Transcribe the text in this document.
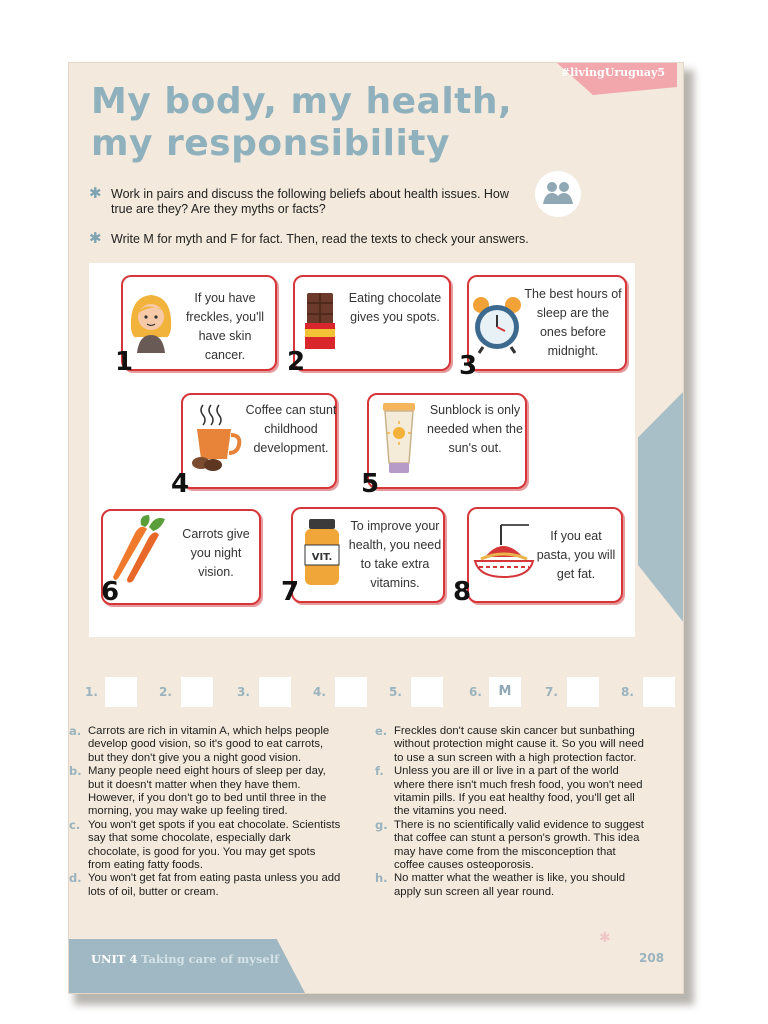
#livingUruguay5
My body, my health,
my responsibility
✱ Work in pairs and discuss the following beliefs about health issues. How true are they? Are they myths or facts?
✱ Write M for myth and F for fact. Then, read the texts to check your answers.
If you have freckles, you'll have skin cancer.
1
Eating chocolate gives you spots.
2
The best hours of sleep are the ones before midnight.
3
Coffee can stunt childhood development.
4
Sunblock is only needed when the sun's out.
5
Carrots give you night vision.
6
VIT.
To improve your health, you need to take extra vitamins.
7
If you eat pasta, you will get fat.
8
1.	2.	3.	4.	5.	6.	M	7.	8.
a. Carrots are rich in vitamin A, which helps people develop good vision, so it's good to eat carrots, but they don't give you a night good vision.
b. Many people need eight hours of sleep per day, but it doesn't matter when they have them. However, if you don't go to bed until three in the morning, you may wake up feeling tired.
c. You won't get spots if you eat chocolate. Scientists say that some chocolate, especially dark chocolate, is good for you. You may get spots from eating fatty foods.
d. You won't get fat from eating pasta unless you add lots of oil, butter or cream.
e. Freckles don't cause skin cancer but sunbathing without protection might cause it. So you will need to use a sun screen with a high protection factor.
f. Unless you are ill or live in a part of the world where there isn't much fresh food, you won't need vitamin pills. If you eat healthy food, you'll get all the vitamins you need.
g. There is no scientifically valid evidence to suggest that coffee can stunt a person's growth. This idea may have come from the misconception that coffee causes osteoporosis.
h. No matter what the weather is like, you should apply sun screen all year round.
UNIT 4 Taking care of myself
✱
208
